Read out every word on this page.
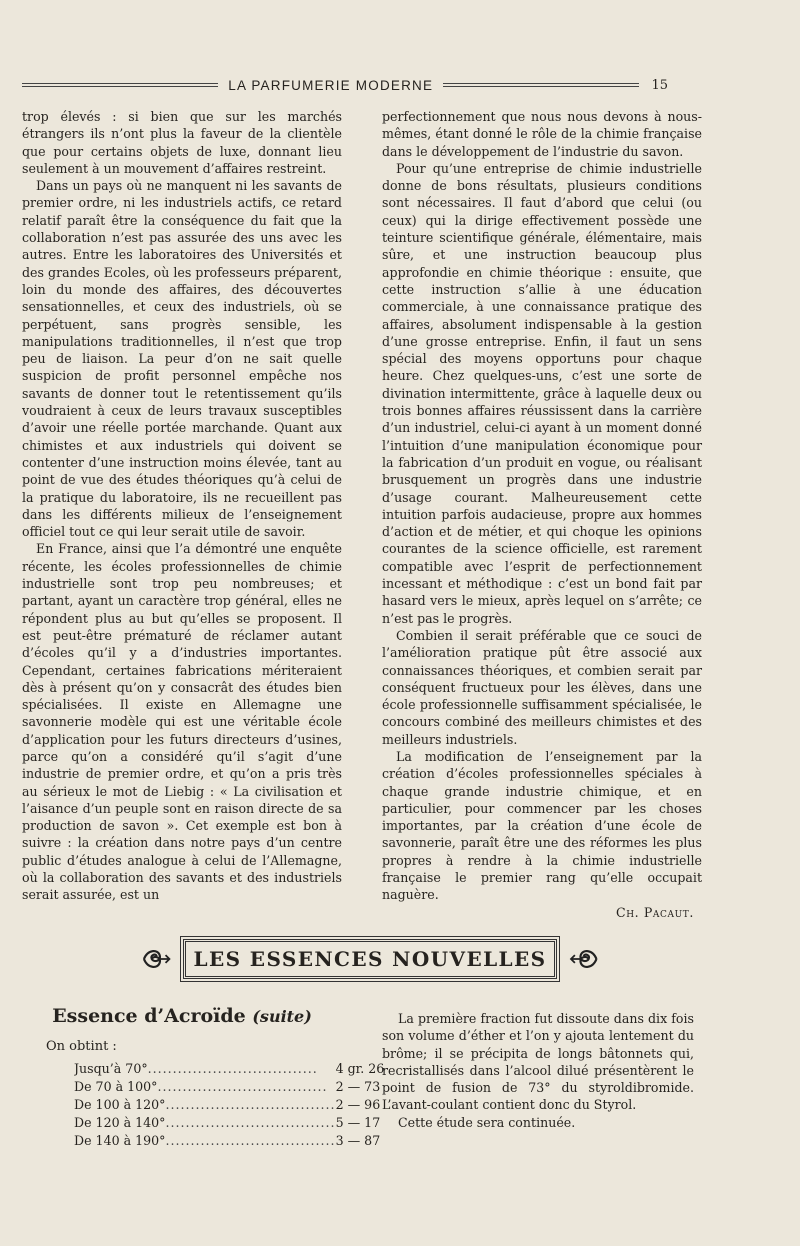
LA PARFUMERIE MODERNE	15

trop élevés : si bien que sur les marchés étrangers ils n’ont plus la faveur de la clientèle que pour certains objets de luxe, donnant lieu seulement à un mouvement d’affaires restreint.

Dans un pays où ne manquent ni les savants de premier ordre, ni les industriels actifs, ce retard relatif paraît être la conséquence du fait que la collaboration n’est pas assurée des uns avec les autres. Entre les laboratoires des Universités et des grandes Ecoles, où les professeurs préparent, loin du monde des affaires, des découvertes sensationnelles, et ceux des industriels, où se perpétuent, sans progrès sensible, les manipulations traditionnelles, il n’est que trop peu de liaison. La peur d’on ne sait quelle suspicion de profit personnel empêche nos savants de donner tout le retentissement qu’ils voudraient à ceux de leurs travaux susceptibles d’avoir une réelle portée marchande. Quant aux chimistes et aux industriels qui doivent se contenter d’une instruction moins élevée, tant au point de vue des études théoriques qu’à celui de la pratique du laboratoire, ils ne recueillent pas dans les différents milieux de l’enseignement officiel tout ce qui leur serait utile de savoir.

En France, ainsi que l’a démontré une enquête récente, les écoles professionnelles de chimie industrielle sont trop peu nombreuses; et partant, ayant un caractère trop général, elles ne répondent plus au but qu’elles se proposent. Il est peut-être prématuré de réclamer autant d’écoles qu’il y a d’industries importantes. Cependant, certaines fabrications mériteraient dès à présent qu’on y consacrât des études bien spécialisées. Il existe en Allemagne une savonnerie modèle qui est une véritable école d’application pour les futurs directeurs d’usines, parce qu’on a considéré qu’il s’agit d’une industrie de premier ordre, et qu’on a pris très au sérieux le mot de Liebig : « La civilisation et l’aisance d’un peuple sont en raison directe de sa production de savon ». Cet exemple est bon à suivre : la création dans notre pays d’un centre public d’études analogue à celui de l’Allemagne, où la collaboration des savants et des industriels serait assurée, est un

perfectionnement que nous nous devons à nous-mêmes, étant donné le rôle de la chimie française dans le développement de l’industrie du savon.

Pour qu’une entreprise de chimie industrielle donne de bons résultats, plusieurs conditions sont nécessaires. Il faut d’abord que celui (ou ceux) qui la dirige effectivement possède une teinture scientifique générale, élémentaire, mais sûre, et une instruction beaucoup plus approfondie en chimie théorique : ensuite, que cette instruction s’allie à une éducation commerciale, à une connaissance pratique des affaires, absolument indispensable à la gestion d’une grosse entreprise. Enfin, il faut un sens spécial des moyens opportuns pour chaque heure. Chez quelques-uns, c’est une sorte de divination intermittente, grâce à laquelle deux ou trois bonnes affaires réussissent dans la carrière d’un industriel, celui-ci ayant à un moment donné l’intuition d’une manipulation économique pour la fabrication d’un produit en vogue, ou réalisant brusquement un progrès dans une industrie d’usage courant. Malheureusement cette intuition parfois audacieuse, propre aux hommes d’action et de métier, et qui choque les opinions courantes de la science officielle, est rarement compatible avec l’esprit de perfectionnement incessant et méthodique : c’est un bond fait par hasard vers le mieux, après lequel on s’arrête; ce n’est pas le progrès.

Combien il serait préférable que ce souci de l’amélioration pratique pût être associé aux connaissances théoriques, et combien serait par conséquent fructueux pour les élèves, dans une école professionnelle suffisamment spécialisée, le concours combiné des meilleurs chimistes et des meilleurs industriels.

La modification de l’enseignement par la création d’écoles professionnelles spéciales à chaque grande industrie chimique, et en particulier, pour commencer par les choses importantes, par la création d’une école de savonnerie, paraît être une des réformes les plus propres à rendre à la chimie industrielle française le premier rang qu’elle occupait naguère.

Ch. Pacaut.
LES ESSENCES NOUVELLES
Essence d’Acroïde (suite)
On obtint :
Jusqu’à 70°..................................	4 gr. 26
De 70 à 100°..................................	2 — 73
De 100 à 120°..................................	2 — 96
De 120 à 140°..................................	5 — 17
De 140 à 190°..................................	3 — 87

La première fraction fut dissoute dans dix fois son volume d’éther et l’on y ajouta lentement du brôme; il se précipita de longs bâtonnets qui, recristallisés dans l’alcool dilué présentèrent le point de fusion de 73° du styroldibromide. L’avant-coulant contient donc du Styrol.

Cette étude sera continuée.
